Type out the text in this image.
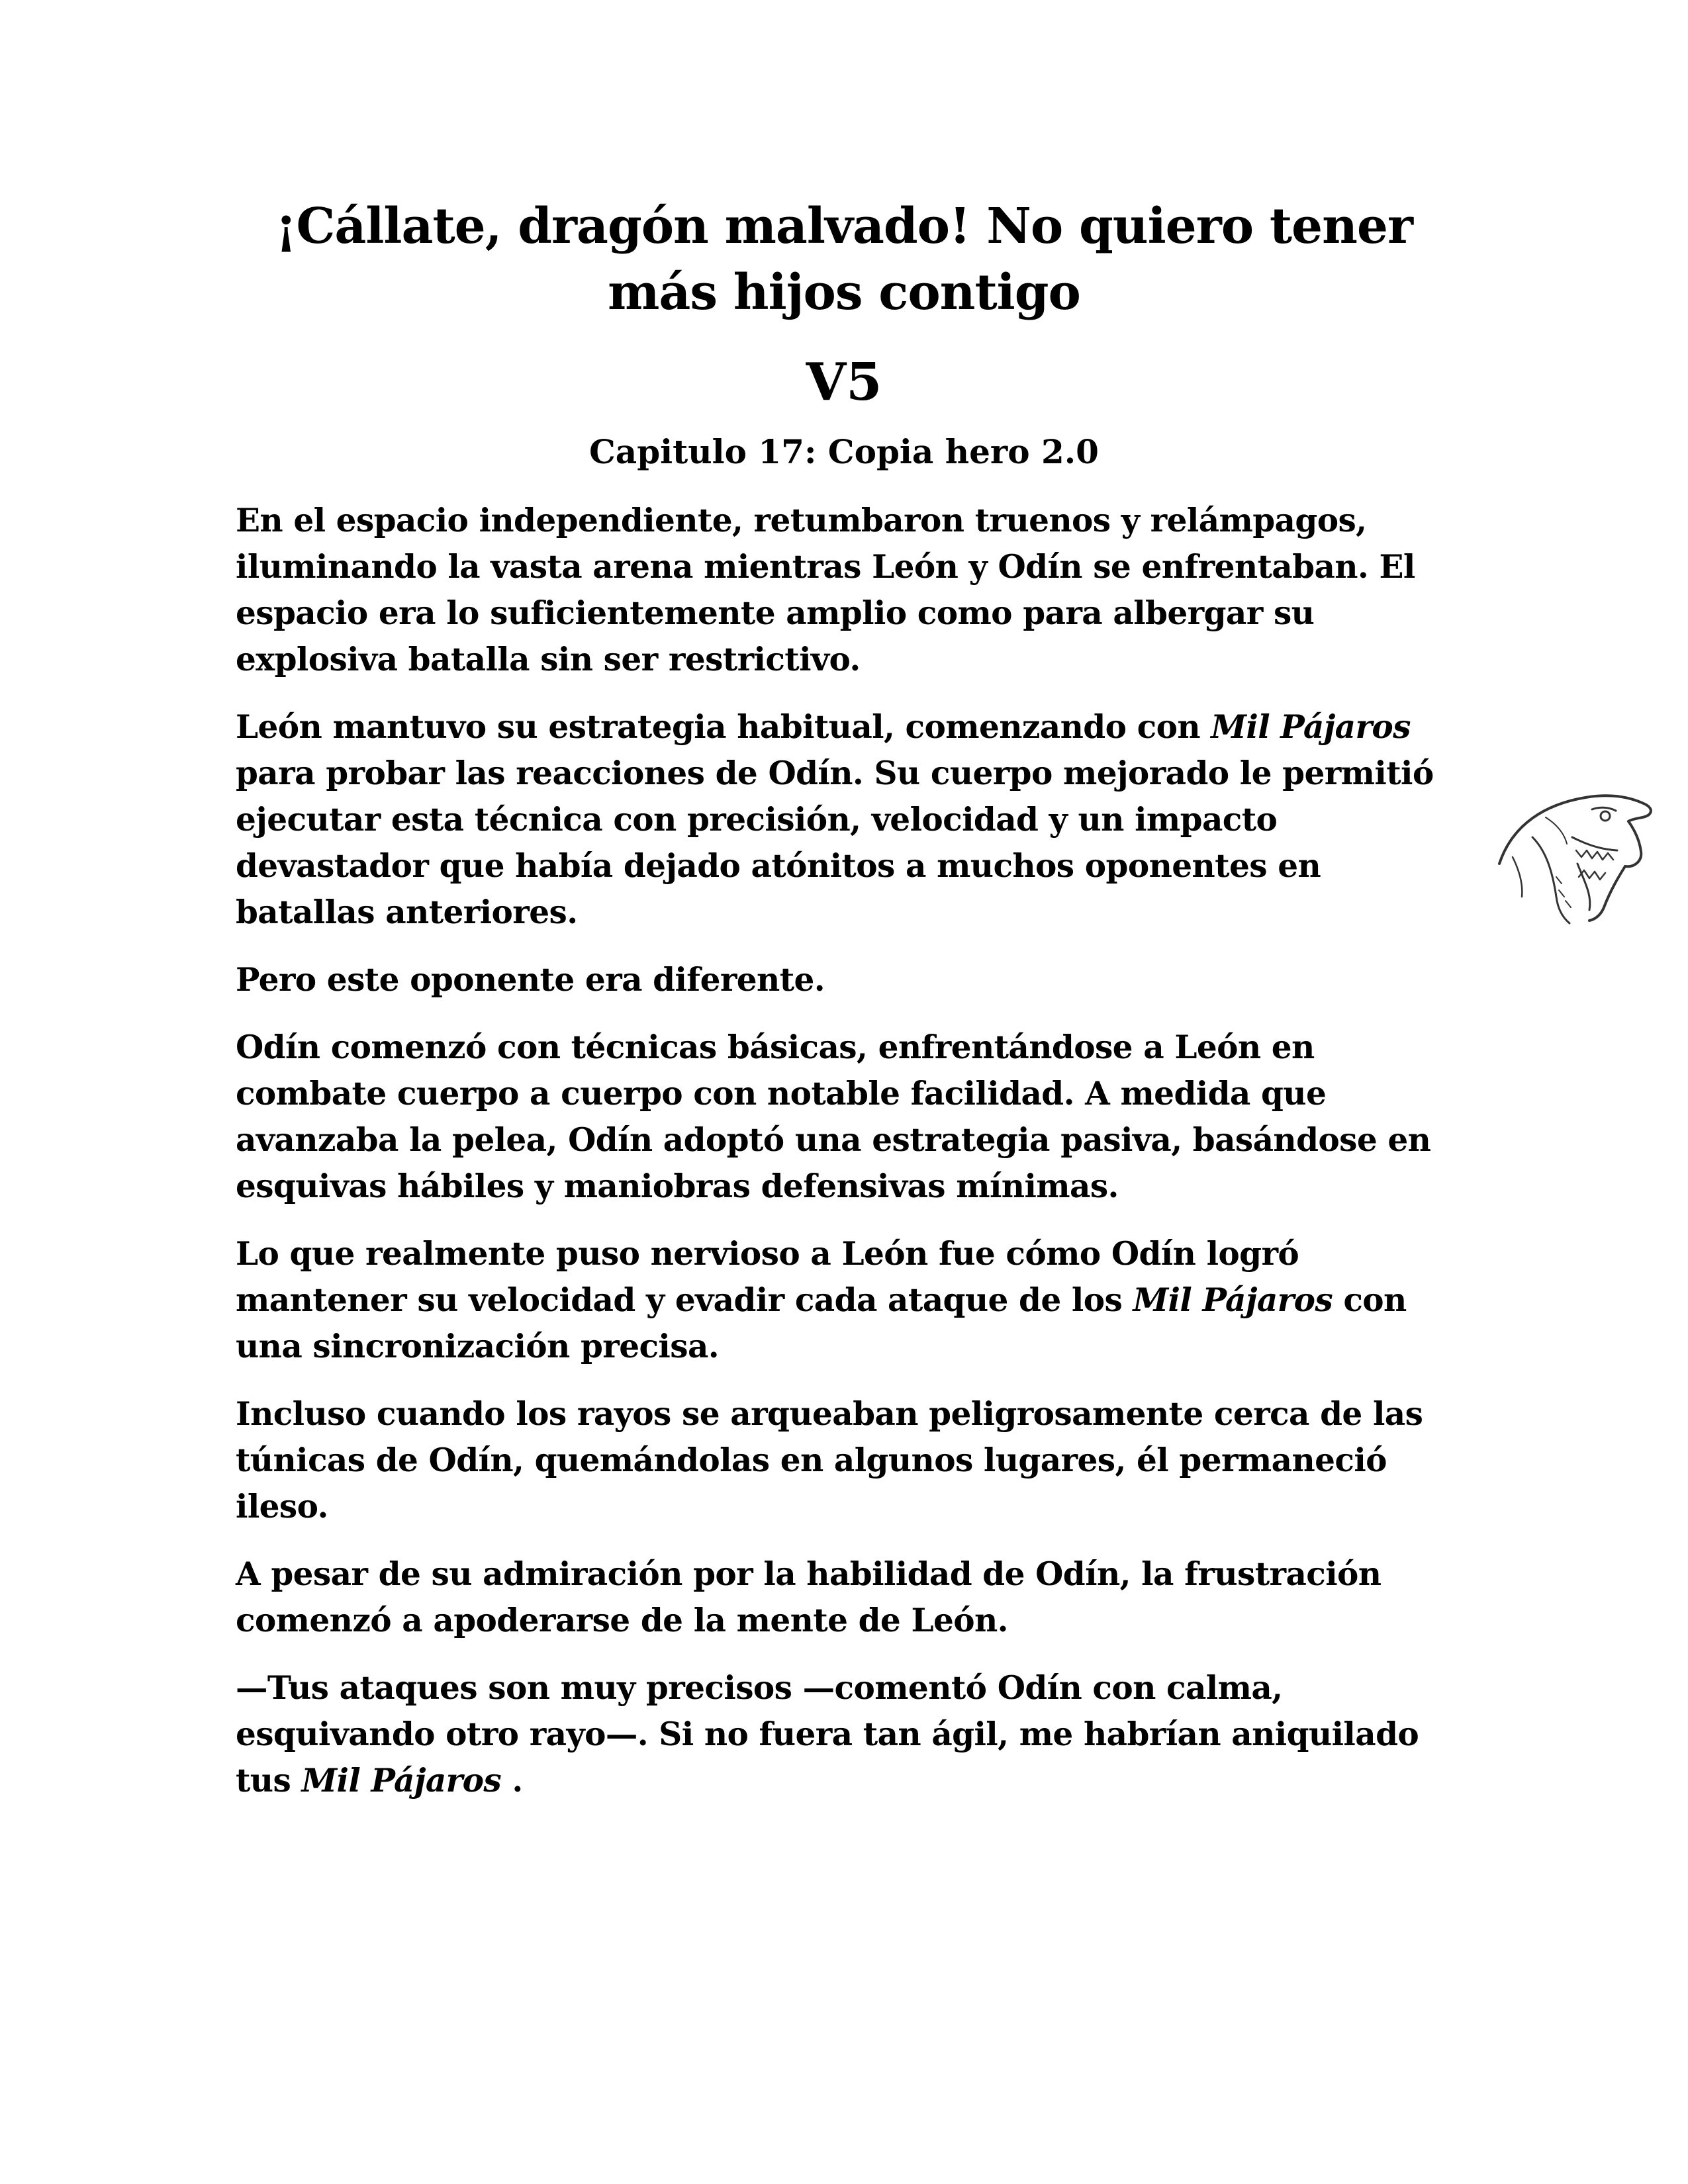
¡Cállate, dragón malvado! No quiero tener
más hijos contigo
V5
Capitulo 17: Copia hero 2.0

En el espacio independiente, retumbaron truenos y relámpagos, iluminando la vasta arena mientras León y Odín se enfrentaban. El espacio era lo suficientemente amplio como para albergar su explosiva batalla sin ser restrictivo.

León mantuvo su estrategia habitual, comenzando con Mil Pájaros para probar las reacciones de Odín. Su cuerpo mejorado le permitió ejecutar esta técnica con precisión, velocidad y un impacto devastador que había dejado atónitos a muchos oponentes en batallas anteriores.

Pero este oponente era diferente.

Odín comenzó con técnicas básicas, enfrentándose a León en combate cuerpo a cuerpo con notable facilidad. A medida que avanzaba la pelea, Odín adoptó una estrategia pasiva, basándose en esquivas hábiles y maniobras defensivas mínimas.

Lo que realmente puso nervioso a León fue cómo Odín logró mantener su velocidad y evadir cada ataque de los Mil Pájaros con una sincronización precisa.

Incluso cuando los rayos se arqueaban peligrosamente cerca de las túnicas de Odín, quemándolas en algunos lugares, él permaneció ileso.

A pesar de su admiración por la habilidad de Odín, la frustración comenzó a apoderarse de la mente de León.

—Tus ataques son muy precisos —comentó Odín con calma, esquivando otro rayo—. Si no fuera tan ágil, me habrían aniquilado tus Mil Pájaros .
